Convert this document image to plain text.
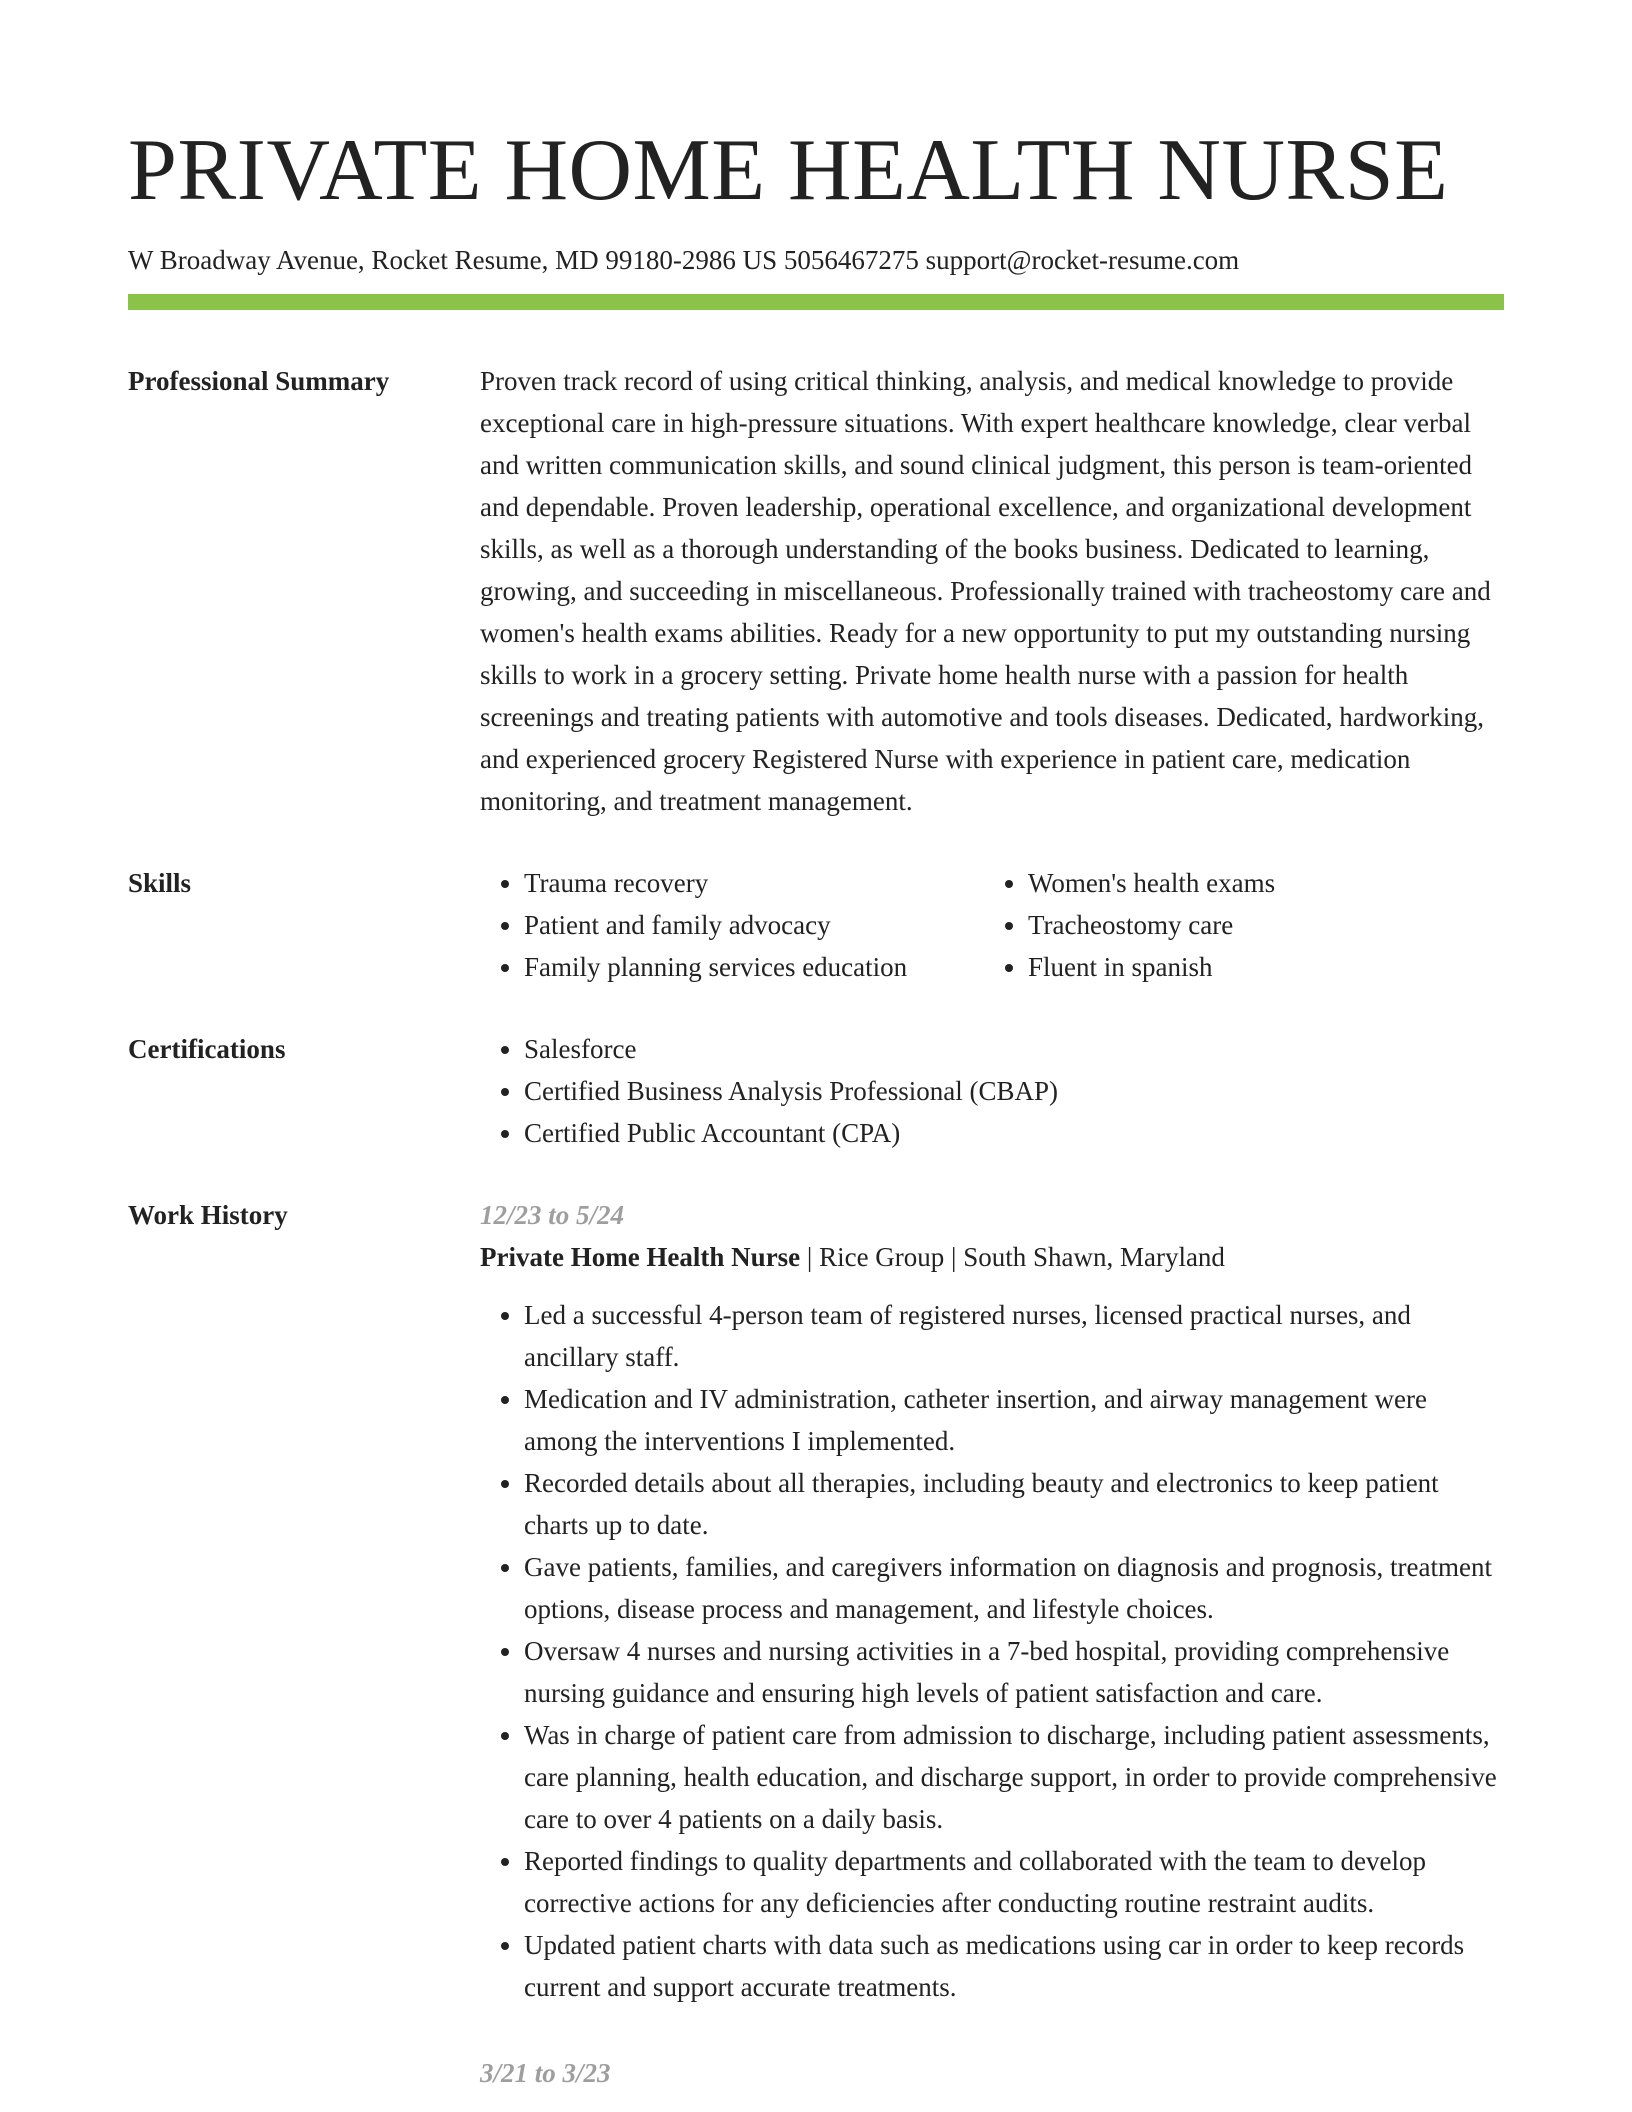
PRIVATE HOME HEALTH NURSE
W Broadway Avenue, Rocket Resume, MD 99180-2986 US 5056467275 support@rocket-resume.com
Professional Summary	Proven track record of using critical thinking, analysis, and medical knowledge to provide exceptional care in high-pressure situations. With expert healthcare knowledge, clear verbal and written communication skills, and sound clinical judgment, this person is team-oriented and dependable. Proven leadership, operational excellence, and organizational development skills, as well as a thorough understanding of the books business. Dedicated to learning, growing, and succeeding in miscellaneous. Professionally trained with tracheostomy care and women's health exams abilities. Ready for a new opportunity to put my outstanding nursing skills to work in a grocery setting. Private home health nurse with a passion for health screenings and treating patients with automotive and tools diseases. Dedicated, hardworking, and experienced grocery Registered Nurse with experience in patient care, medication monitoring, and treatment management.

Skills	• Trauma recovery
• Patient and family advocacy
• Family planning services education
• Women's health exams
• Tracheostomy care
• Fluent in spanish
Certifications	• Salesforce
• Certified Business Analysis Professional (CBAP)
• Certified Public Accountant (CPA)
Work History	12/23 to 5/24
Private Home Health Nurse | Rice Group | South Shawn, Maryland
• Led a successful 4-person team of registered nurses, licensed practical nurses, and ancillary staff.
• Medication and IV administration, catheter insertion, and airway management were among the interventions I implemented.
• Recorded details about all therapies, including beauty and electronics to keep patient charts up to date.
• Gave patients, families, and caregivers information on diagnosis and prognosis, treatment options, disease process and management, and lifestyle choices.
• Oversaw 4 nurses and nursing activities in a 7-bed hospital, providing comprehensive nursing guidance and ensuring high levels of patient satisfaction and care.
• Was in charge of patient care from admission to discharge, including patient assessments, care planning, health education, and discharge support, in order to provide comprehensive care to over 4 patients on a daily basis.
• Reported findings to quality departments and collaborated with the team to develop corrective actions for any deficiencies after conducting routine restraint audits.
• Updated patient charts with data such as medications using car in order to keep records current and support accurate treatments.
3/21 to 3/23
